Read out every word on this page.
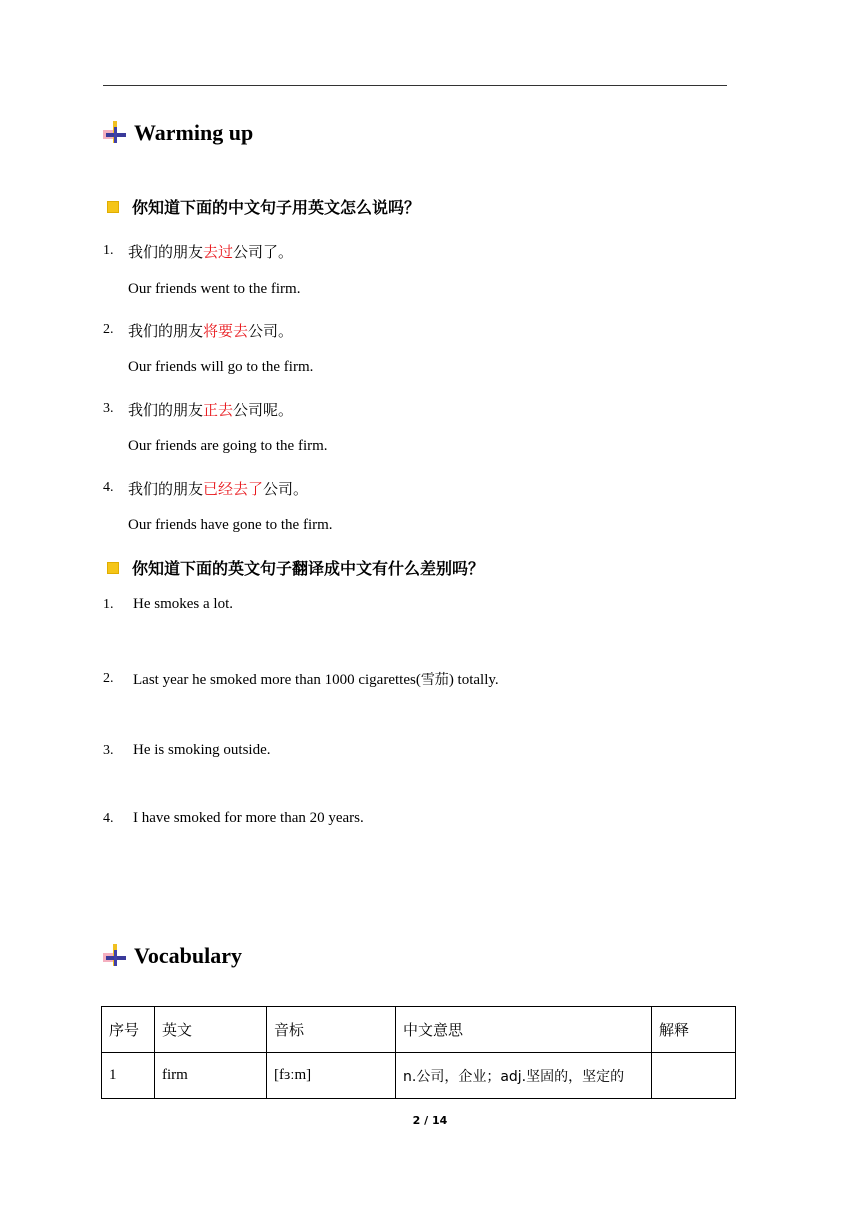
Warming up
你知道下面的中文句子用英文怎么说吗？
1. 我们的朋友去过公司了。
Our friends went to the firm.
2. 我们的朋友将要去公司。
Our friends will go to the firm.
3. 我们的朋友正去公司呢。
Our friends are going to the firm.
4. 我们的朋友已经去了公司。
Our friends have gone to the firm.
你知道下面的英文句子翻译成中文有什么差别吗？
1. He smokes a lot.
2. Last year he smoked more than 1000 cigarettes(雪茄) totally.
3. He is smoking outside.
4. I have smoked for more than 20 years.
Vocabulary
序号	英文	音标	中文意思	解释
1	firm	[fɜːm]	n.公司，企业；adj.坚固的，坚定的	
2 / 14
